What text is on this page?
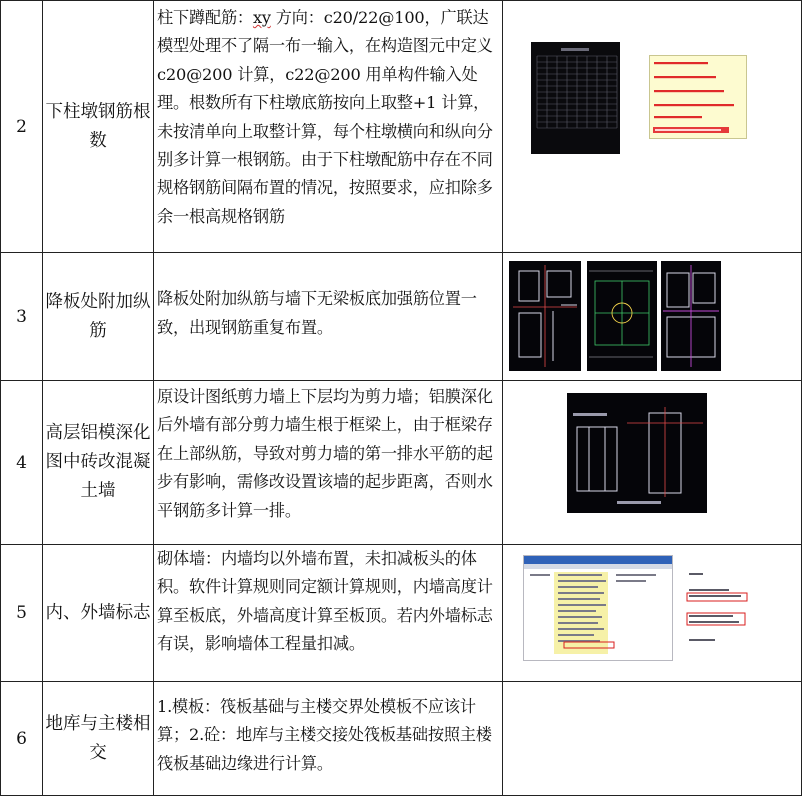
2	下柱墩钢筋根数	柱下蹲配筋：xy 方向：c20/22@100，广联达模型处理不了隔一布一输入，在构造图元中定义 c20@200 计算，c22@200 用单构件输入处理。根数所有下柱墩底筋按向上取整+1 计算，未按清单向上取整计算，每个柱墩横向和纵向分别多计算一根钢筋。由于下柱墩配筋中存在不同规格钢筋间隔布置的情况，按照要求，应扣除多余一根高规格钢筋	

3	降板处附加纵筋	降板处附加纵筋与墙下无梁板底加强筋位置一致，出现钢筋重复布置。	

4	高层铝模深化图中砖改混凝土墙	原设计图纸剪力墙上下层均为剪力墙；铝膜深化后外墙有部分剪力墙生根于框梁上，由于框梁存在上部纵筋，导致对剪力墙的第一排水平筋的起步有影响，需修改设置该墙的起步距离，否则水平钢筋多计算一排。	

5	内、外墙标志	砌体墙：内墙均以外墙布置，未扣减板头的体积。软件计算规则同定额计算规则，内墙高度计算至板底，外墙高度计算至板顶。若内外墙标志有误，影响墙体工程量扣减。	

6	地库与主楼相交	1.模板：筏板基础与主楼交界处模板不应该计算；2.砼：地库与主楼交接处筏板基础按照主楼筏板基础边缘进行计算。	
